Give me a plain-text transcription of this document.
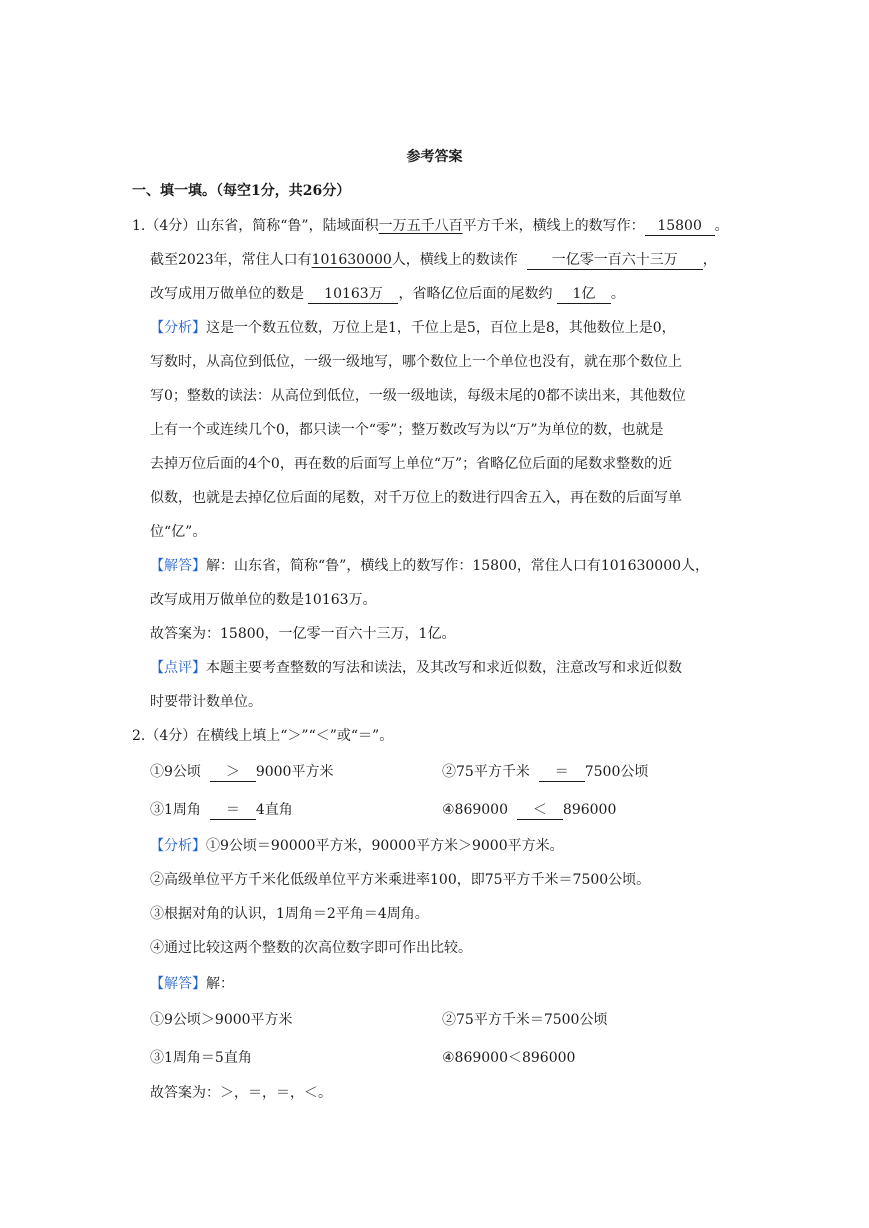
参考答案
一、填一填。（每空1分，共26分）
1.（4分）山东省，简称“鲁”，陆域面积一万五千八百平方千米，横线上的数写作： 15800 。
截至2023年，常住人口有101630000人，横线上的数读作 一亿零一百六十三万 ，
改写成用万做单位的数是 10163万 ，省略亿位后面的尾数约 1亿 。
【分析】这是一个数五位数，万位上是1，千位上是5，百位上是8，其他数位上是0，
写数时，从高位到低位，一级一级地写，哪个数位上一个单位也没有，就在那个数位上
写0；整数的读法：从高位到低位，一级一级地读，每级末尾的0都不读出来，其他数位
上有一个或连续几个0，都只读一个“零”；整万数改写为以“万”为单位的数，也就是
去掉万位后面的4个0，再在数的后面写上单位“万”；省略亿位后面的尾数求整数的近
似数，也就是去掉亿位后面的尾数，对千万位上的数进行四舍五入，再在数的后面写单
位“亿”。
【解答】解：山东省，简称“鲁”，横线上的数写作：15800，常住人口有101630000人，
改写成用万做单位的数是10163万。
故答案为：15800，一亿零一百六十三万，1亿。
【点评】本题主要考查整数的写法和读法，及其改写和求近似数，注意改写和求近似数
时要带计数单位。
2.（4分）在横线上填上“＞”“＜”或“＝”。
①9公顷 ＞ 9000平方米	②75平方千米 ＝ 7500公顷
③1周角 ＝ 4直角	④869000 ＜ 896000
【分析】①9公顷＝90000平方米，90000平方米＞9000平方米。
②高级单位平方千米化低级单位平方米乘进率100，即75平方千米＝7500公顷。
③根据对角的认识，1周角＝2平角＝4周角。
④通过比较这两个整数的次高位数字即可作出比较。
【解答】解：
①9公顷＞9000平方米	②75平方千米＝7500公顷
③1周角＝5直角	④869000＜896000
故答案为：＞，＝，＝，＜。
